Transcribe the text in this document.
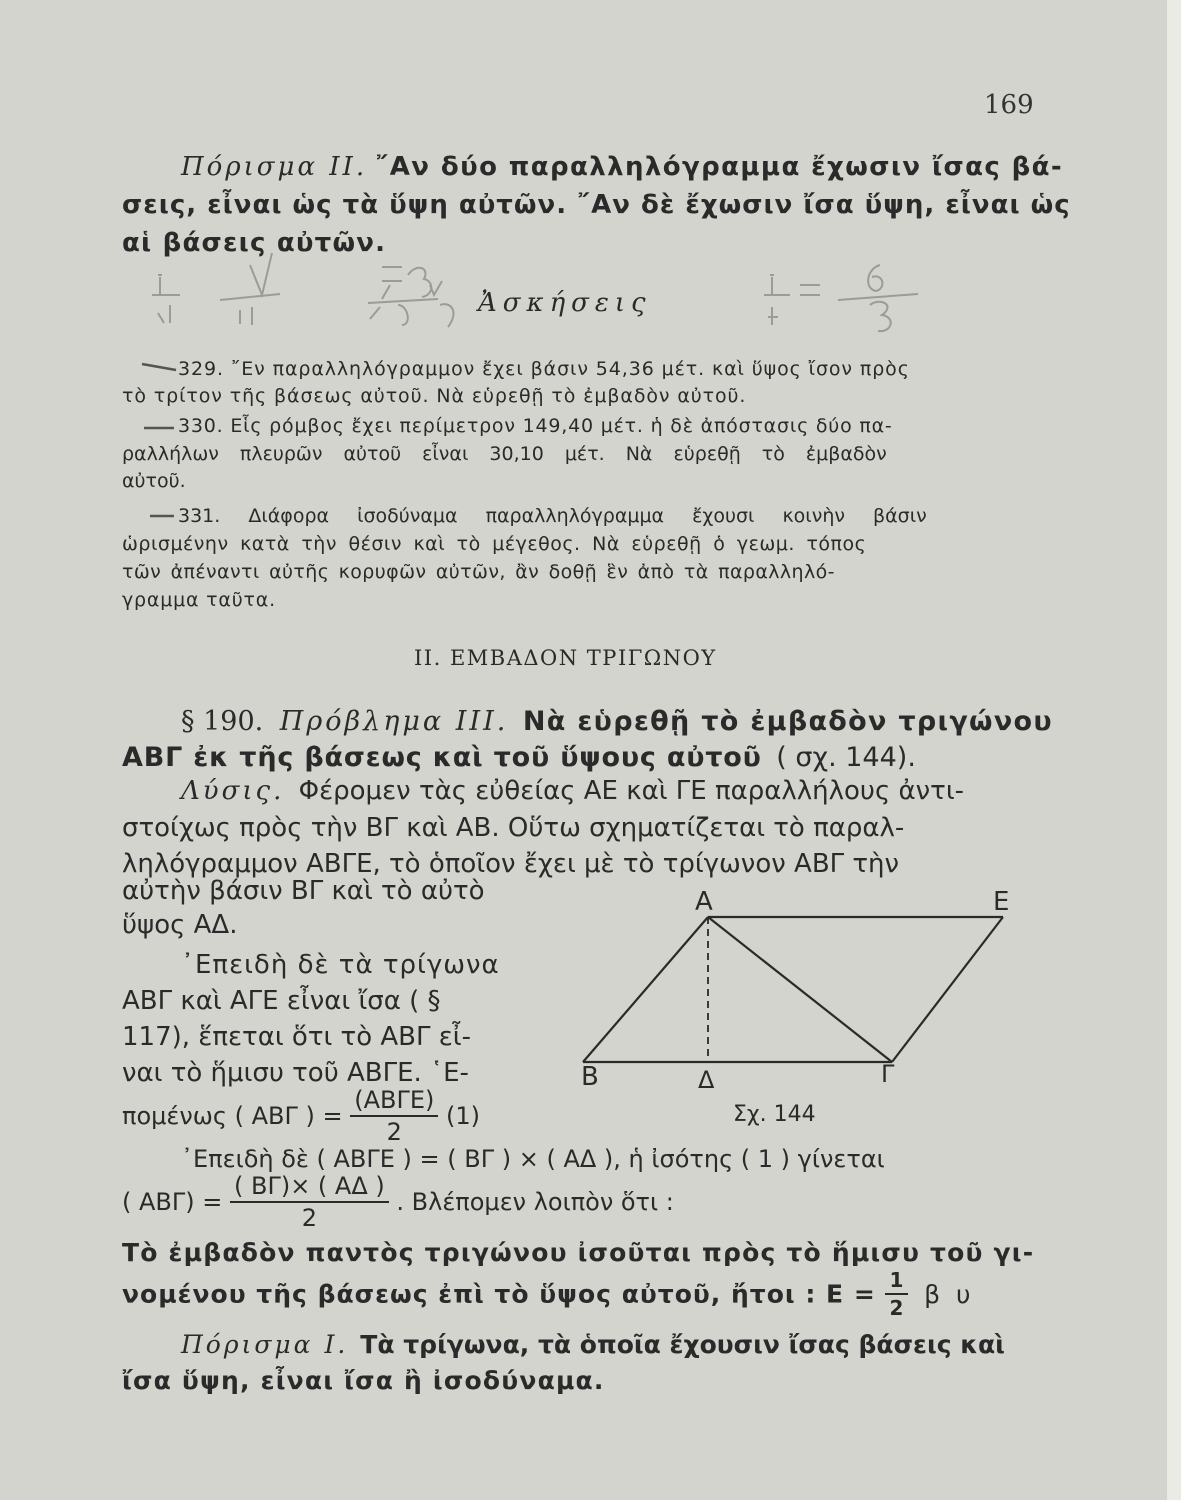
169
Πόρισμα ΙΙ. ῎Αν δύο παραλληλόγραμμα ἔχωσιν ἴσας βά-
σεις, εἶναι ὡς τὰ ὕψη αὐτῶν. ῎Αν δὲ ἔχωσιν ἴσα ὕψη, εἶναι ὡς
αἱ βάσεις αὐτῶν.
Ἀσκήσεις
329. ῎Εν παραλληλόγραμμον ἔχει βάσιν 54,36 μέτ. καὶ ὕψος ἴσον πρὸς
τὸ τρίτον τῆς βάσεως αὐτοῦ. Νὰ εὑρεθῇ τὸ ἐμβαδὸν αὐτοῦ.
330. Εἷς ρόμβος ἔχει περίμετρον 149,40 μέτ. ἡ δὲ ἀπόστασις δύο πα-
ραλλήλων πλευρῶν αὐτοῦ εἶναι 30,10 μέτ. Νὰ εὑρεθῇ τὸ ἐμβαδὸν
αὐτοῦ.
331. Διάφορα ἰσοδύναμα παραλληλόγραμμα ἔχουσι κοινὴν βάσιν
ὡρισμένην κατὰ τὴν θέσιν καὶ τὸ μέγεθος. Νὰ εὑρεθῇ ὁ γεωμ. τόπος
τῶν ἀπέναντι αὐτῆς κορυφῶν αὐτῶν, ἂν δοθῇ ἓν ἀπὸ τὰ παραλληλό-
γραμμα ταῦτα.
ΙΙ. ΕΜΒΑΔΟΝ ΤΡΙΓΩΝΟΥ
§ 190. Πρόβλημα ΙΙΙ. Νὰ εὑρεθῇ τὸ ἐμβαδὸν τριγώνου
ΑΒΓ ἐκ τῆς βάσεως καὶ τοῦ ὕψους αὐτοῦ ( σχ. 144).
Λύσις. Φέρομεν τὰς εὐθείας ΑΕ καὶ ΓΕ παραλλήλους ἀντι-
στοίχως πρὸς τὴν ΒΓ καὶ ΑΒ. Οὕτω σχηματίζεται τὸ παραλ-
ληλόγραμμον ΑΒΓΕ, τὸ ὁποῖον ἔχει μὲ τὸ τρίγωνον ΑΒΓ τὴν
αὐτὴν βάσιν ΒΓ καὶ τὸ αὐτὸ
ὕψος ΑΔ.
᾿Επειδὴ δὲ τὰ τρίγωνα
ΑΒΓ καὶ ΑΓΕ εἶναι ἴσα ( §
117), ἕπεται ὅτι τὸ ΑΒΓ εἶ-
ναι τὸ ἥμισυ τοῦ ΑΒΓΕ. ῾Ε-
πομένως ( ΑΒΓ ) = $\frac{\text{(ΑΒΓΕ)}}{2} (1)$
᾿Επειδὴ δὲ ( ΑΒΓΕ ) = ( ΒΓ ) × ( ΑΔ ), ἡ ἰσότης ( 1 ) γίνεται
( $AB\Gamma) = \frac{( B\Gamma)\times ( A\Delta )}{2}$ . Βλέπομεν λοιπὸν ὅτι :
Τὸ ἐμβαδὸν παντὸς τριγώνου ἰσοῦται πρὸς τὸ ἥμισυ τοῦ γι-
νομένου τῆς βάσεως ἐπὶ τὸ ὕψος αὐτοῦ, ἤτοι : $E = \frac{1}{2}$ β υ
Πόρισμα Ι. Τὰ τρίγωνα, τὰ ὁποῖα ἔχουσιν ἴσας βάσεις καὶ
ἴσα ὕψη, εἶναι ἴσα ἢ ἰσοδύναμα.
Α	Ε
Β	Δ	Γ
Σχ. 144
